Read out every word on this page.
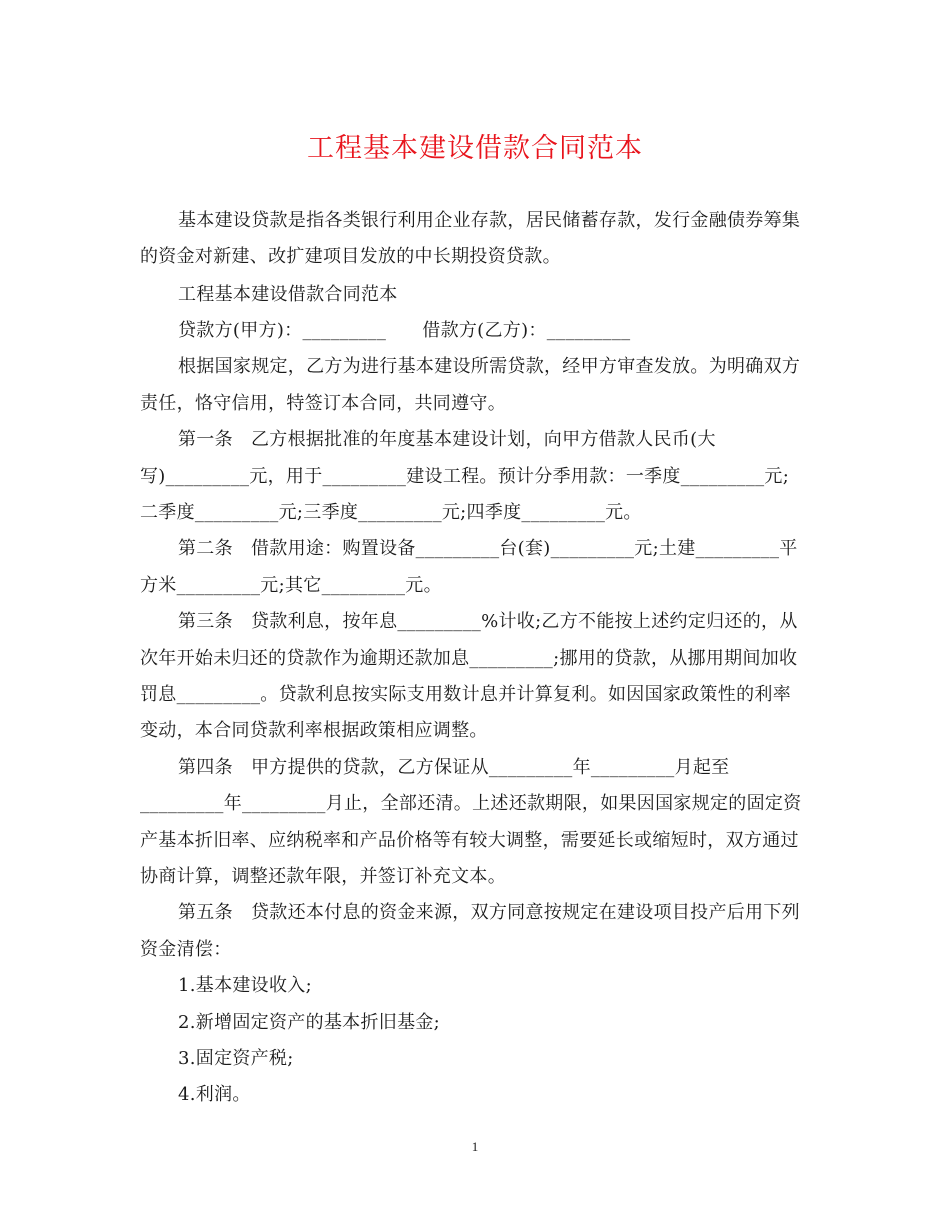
工程基本建设借款合同范本
基本建设贷款是指各类银行利用企业存款，居民储蓄存款，发行金融债券筹集
的资金对新建、改扩建项目发放的中长期投资贷款。
工程基本建设借款合同范本
贷款方(甲方)：_________      借款方(乙方)：_________
根据国家规定，乙方为进行基本建设所需贷款，经甲方审查发放。为明确双方
责任，恪守信用，特签订本合同，共同遵守。
第一条   乙方根据批准的年度基本建设计划，向甲方借款人民币(大
写)_________元，用于_________建设工程。预计分季用款：一季度_________元;
二季度_________元;三季度_________元;四季度_________元。
第二条   借款用途：购置设备_________台(套)_________元;土建_________平
方米_________元;其它_________元。
第三条   贷款利息，按年息_________%计收;乙方不能按上述约定归还的，从
次年开始未归还的贷款作为逾期还款加息_________;挪用的贷款，从挪用期间加收
罚息_________。贷款利息按实际支用数计息并计算复利。如因国家政策性的利率
变动，本合同贷款利率根据政策相应调整。
第四条   甲方提供的贷款，乙方保证从_________年_________月起至
_________年_________月止，全部还清。上述还款期限，如果因国家规定的固定资
产基本折旧率、应纳税率和产品价格等有较大调整，需要延长或缩短时，双方通过
协商计算，调整还款年限，并签订补充文本。
第五条   贷款还本付息的资金来源，双方同意按规定在建设项目投产后用下列
资金清偿：
1.基本建设收入;
2.新增固定资产的基本折旧基金;
3.固定资产税;
4.利润。
1
